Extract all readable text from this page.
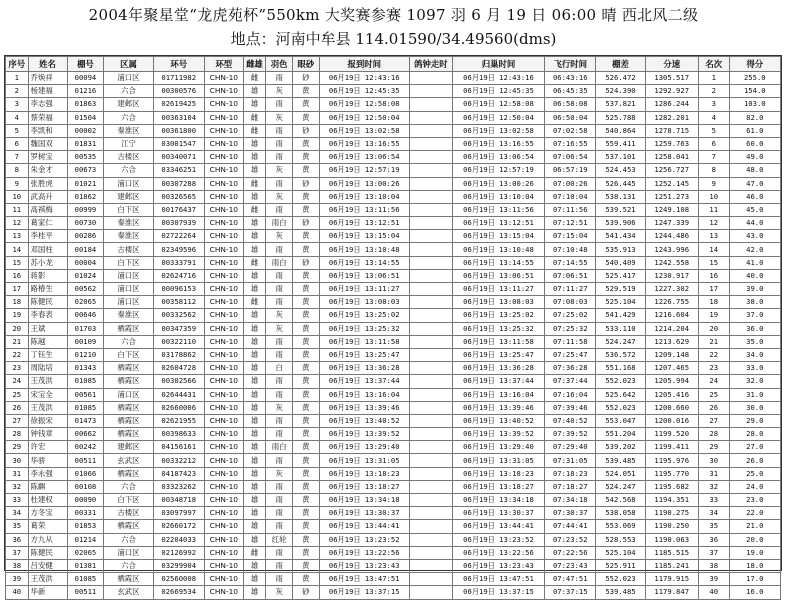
2004年聚星堂“龙虎苑杯”550km 大奖赛参赛 1097 羽 6 月 19 日 06:00 晴 西北风二级
地点：河南中牟县 114.01590/34.49560(dms)
序号	姓名	棚号	区属	环号	环型	雌雄	羽色	眼砂	报到时间	鸽钟走时	归巢时间	飞行时间	棚差	分速	名次	得分
1	乔焕祥	00094	浦口区	01711982	CHN-10	雌	雨	砂	06月19日 12:43:16		06月19日 12:43:16	06:43:16	526.472	1305.517	1	255.0
2	杨建福	01216	六合	00300576	CHN-10	雄	灰	黄	06月19日 12:45:35		06月19日 12:45:35	06:45:35	524.390	1292.927	2	154.0
3	李志强	01863	建邺区	02619425	CHN-10	雄	雨	黄	06月19日 12:58:08		06月19日 12:58:08	06:58:08	537.821	1286.244	3	103.0
4	蔡荣福	01504	六合	00363104	CHN-10	雌	灰	黄	06月19日 12:50:04		06月19日 12:50:04	06:50:04	525.788	1282.201	4	82.0
5	李凯和	00002	秦淮区	00361800	CHN-10	雌	雨	砂	06月19日 13:02:58		06月19日 13:02:58	07:02:58	540.864	1278.715	5	61.0
6	魏国双	01831	江宁	03001547	CHN-10	雄	雨	黄	06月19日 13:16:55		06月19日 13:16:55	07:16:55	559.411	1259.763	6	60.0
7	罗树宝	00535	古楼区	00340071	CHN-10	雄	雨	黄	06月19日 13:06:54		06月19日 13:06:54	07:06:54	537.101	1258.041	7	49.0
8	朱金才	00673	六合	03346251	CHN-10	雄	灰	黄	06月19日 12:57:19		06月19日 12:57:19	06:57:19	524.453	1256.727	8	48.0
9	张胜虎	01021	浦口区	00307288	CHN-10	雌	雨	砂	06月19日 13:00:26		06月19日 13:00:26	07:00:26	526.445	1252.145	9	47.0
10	武高升	01862	建邺区	00326565	CHN-10	雄	灰	黄	06月19日 13:10:04		06月19日 13:10:04	07:10:04	538.131	1251.273	10	46.0
11	高祺梅	00999	白下区	00176437	CHN-10	雌	雨	黄	06月19日 13:11:56		06月19日 13:11:56	07:11:56	539.521	1249.108	11	45.0
12	葛家仁	00730	秦淮区	00307939	CHN-10	雄	雨白	砂	06月19日 13:12:51		06月19日 13:12:51	07:12:51	539.906	1247.339	12	44.0
13	李桂平	00286	秦淮区	02722264	CHN-10	雄	灰	黄	06月19日 13:15:04		06月19日 13:15:04	07:15:04	541.434	1244.486	13	43.0
14	邓国柱	00184	古楼区	02349596	CHN-10	雄	雨	黄	06月19日 13:10:48		06月19日 13:10:48	07:10:48	535.913	1243.996	14	42.0
15	苏小龙	00004	白下区	00333791	CHN-10	雌	雨白	砂	06月19日 13:14:55		06月19日 13:14:55	07:14:55	540.409	1242.558	15	41.0
16	蒋影	01024	浦口区	02624716	CHN-10	雄	雨	黄	06月19日 13:06:51		06月19日 13:06:51	07:06:51	525.417	1230.917	16	40.0
17	路椿生	00562	浦口区	00096153	CHN-10	雄	雨	黄	06月19日 13:11:27		06月19日 13:11:27	07:11:27	529.519	1227.302	17	39.0
18	陈健民	02065	浦口区	00358112	CHN-10	雌	雨	黄	06月19日 13:08:03		06月19日 13:08:03	07:08:03	525.104	1226.755	18	38.0
19	李春表	00646	秦淮区	00332562	CHN-10	雄	灰	黄	06月19日 13:25:02		06月19日 13:25:02	07:25:02	541.429	1216.604	19	37.0
20	王斌	01703	栖霞区	00347359	CHN-10	雄	灰	黄	06月19日 13:25:32		06月19日 13:25:32	07:25:32	533.110	1214.204	20	36.0
21	陈越	00109	六合	00322110	CHN-10	雄	雨	黄	06月19日 13:11:58		06月19日 13:11:58	07:11:58	524.247	1213.629	21	35.0
22	丁钰生	01210	白下区	03178862	CHN-10	雄	雨	黄	06月19日 13:25:47		06月19日 13:25:47	07:25:47	536.572	1209.148	22	34.0
23	周陆培	01343	栖霞区	02604728	CHN-10	雄	白	黄	06月19日 13:36:28		06月19日 13:36:28	07:36:28	551.168	1207.465	23	33.0
24	王茂洪	01085	栖霞区	00302566	CHN-10	雄	雨	黄	06月19日 13:37:44		06月19日 13:37:44	07:37:44	552.023	1205.994	24	32.0
25	宋宝全	00561	浦口区	02644431	CHN-10	雄	雨	黄	06月19日 13:16:04		06月19日 13:16:04	07:16:04	525.642	1205.416	25	31.0
26	王茂洪	01085	栖霞区	02660006	CHN-10	雄	灰	黄	06月19日 13:39:46		06月19日 13:39:46	07:39:46	552.023	1200.660	26	30.0
27	徐振宋	01473	栖霞区	02621955	CHN-10	雄	雨	黄	06月19日 13:40:52		06月19日 13:40:52	07:40:52	553.047	1200.016	27	29.0
28	钟钱章	00662	栖霞区	00398633	CHN-10	雄	雨	黄	06月19日 13:39:52		06月19日 13:39:52	07:39:52	551.204	1199.520	28	28.0
29	许宏	00242	建邺区	04156161	CHN-10	雄	雨白	黄	06月19日 13:29:40		06月19日 13:29:40	07:29:40	539.202	1199.411	29	27.0
30	华骄	00511	玄武区	00332212	CHN-10	雄	雨	黄	06月19日 13:31:05		06月19日 13:31:05	07:31:05	539.485	1195.976	30	26.0
31	李永强	01066	栖霞区	04187423	CHN-10	雄	灰	黄	06月19日 13:18:23		06月19日 13:18:23	07:18:23	524.051	1195.770	31	25.0
32	陈麒	00108	六合	03323262	CHN-10	雄	雨	黄	06月19日 13:18:27		06月19日 13:18:27	07:18:27	524.247	1195.682	32	24.0
33	杜建权	00090	白下区	00348718	CHN-10	雄	雨	黄	06月19日 13:34:18		06月19日 13:34:18	07:34:18	542.568	1194.351	33	23.0
34	方冬宝	00331	古楼区	03097997	CHN-10	雄	雨	黄	06月19日 13:30:37		06月19日 13:30:37	07:30:37	538.058	1190.275	34	22.0
35	葛荣	01853	栖霞区	02660172	CHN-10	雄	雨	黄	06月19日 13:44:41		06月19日 13:44:41	07:44:41	553.069	1190.250	35	21.0
36	方九从	01214	六合	02204033	CHN-10	雄	红轮	黄	06月19日 13:23:52		06月19日 13:23:52	07:23:52	528.553	1190.063	36	20.0
37	陈健民	02065	浦口区	02126992	CHN-10	雌	雨	黄	06月19日 13:22:56		06月19日 13:22:56	07:22:56	525.104	1185.515	37	19.0
38	吕安健	01381	六合	03299904	CHN-10	雄	雨	黄	06月19日 13:23:43		06月19日 13:23:43	07:23:43	525.911	1185.241	38	18.0
39	王茂洪	01085	栖霞区	02560008	CHN-10	雄	雨	黄	06月19日 13:47:51		06月19日 13:47:51	07:47:51	552.023	1179.915	39	17.0
40	华新	00511	玄武区	02669534	CHN-10	雄	灰	砂	06月19日 13:37:15		06月19日 13:37:15	07:37:15	539.485	1179.847	40	16.0
